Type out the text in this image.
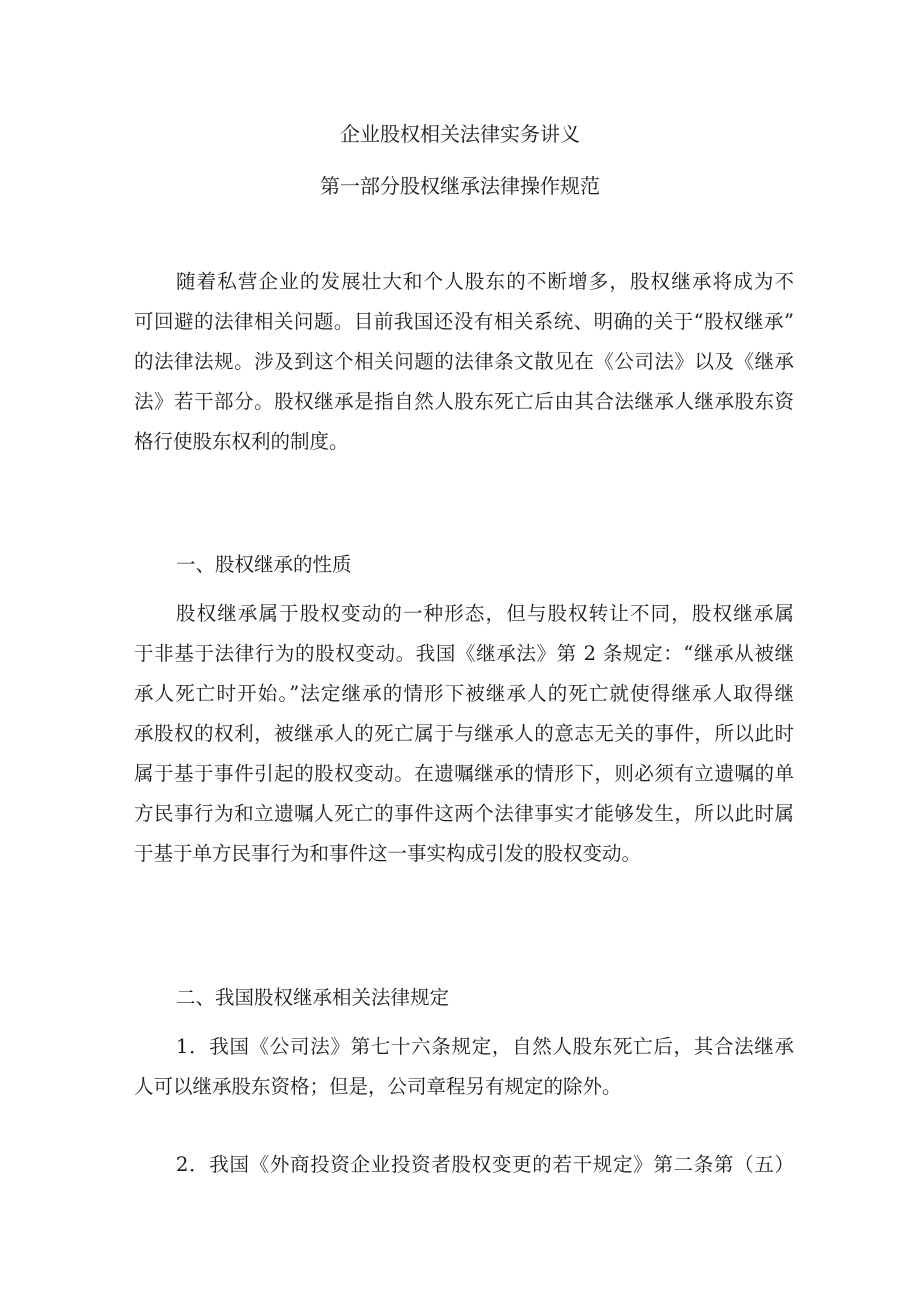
企业股权相关法律实务讲义
第一部分股权继承法律操作规范
随着私营企业的发展壮大和个人股东的不断增多，股权继承将成为不
可回避的法律相关问题。目前我国还没有相关系统、明确的关于“股权继承”
的法律法规。涉及到这个相关问题的法律条文散见在《公司法》以及《继承
法》若干部分。股权继承是指自然人股东死亡后由其合法继承人继承股东资
格行使股东权利的制度。
一、股权继承的性质
股权继承属于股权变动的一种形态，但与股权转让不同，股权继承属
于非基于法律行为的股权变动。我国《继承法》第 2 条规定：“继承从被继
承人死亡时开始。”法定继承的情形下被继承人的死亡就使得继承人取得继
承股权的权利，被继承人的死亡属于与继承人的意志无关的事件，所以此时
属于基于事件引起的股权变动。在遗嘱继承的情形下，则必须有立遗嘱的单
方民事行为和立遗嘱人死亡的事件这两个法律事实才能够发生，所以此时属
于基于单方民事行为和事件这一事实构成引发的股权变动。
二、我国股权继承相关法律规定
1．我国《公司法》第七十六条规定，自然人股东死亡后，其合法继承
人可以继承股东资格；但是，公司章程另有规定的除外。
2．我国《外商投资企业投资者股权变更的若干规定》第二条第（五）
